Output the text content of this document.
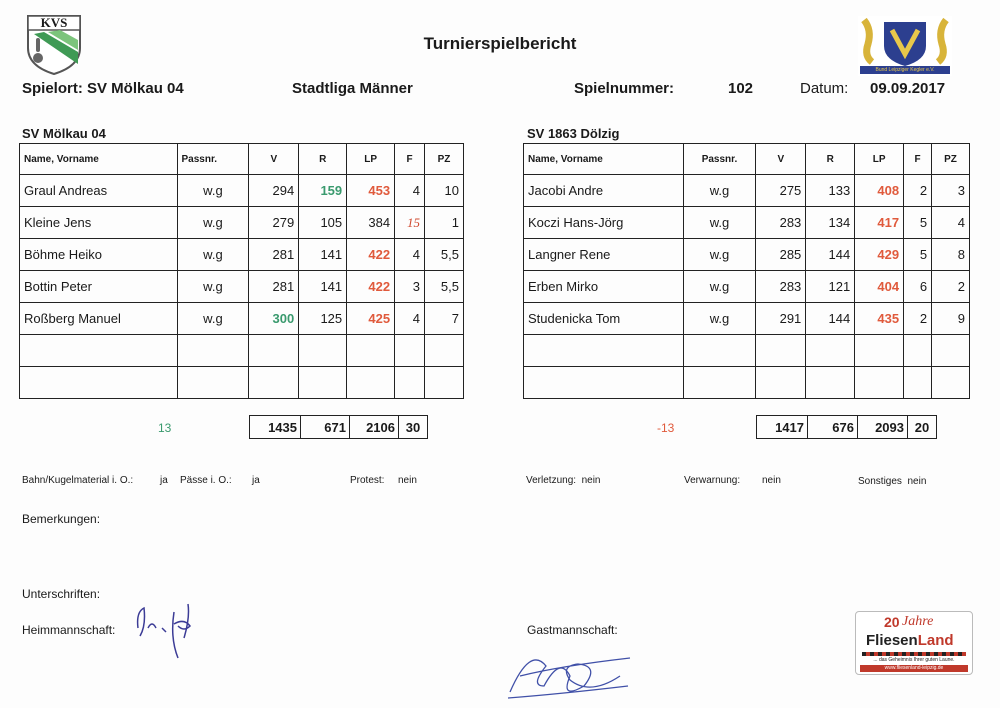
KVS
Bund Leipziger Kegler e.V.
Turnierspielbericht
Spielort: SV Mölkau 04	Stadtliga Männer	Spielnummer:	102	Datum: 09.09.2017
SV Mölkau 04	SV 1863 Dölzig
Name, Vorname	Passnr.	V	R	LP	F	PZ
Graul Andreas	w.g	294	159	453	4	10
Kleine Jens	w.g	279	105	384	15	1
Böhme Heiko	w.g	281	141	422	4	5,5
Bottin Peter	w.g	281	141	422	3	5,5
Roßberg Manuel	w.g	300	125	425	4	7

Name, Vorname	Passnr.	V	R	LP	F	PZ
Jacobi Andre	w.g	275	133	408	2	3
Koczi Hans-Jörg	w.g	283	134	417	5	4
Langner Rene	w.g	285	144	429	5	8
Erben Mirko	w.g	283	121	404	6	2
Studenicka Tom	w.g	291	144	435	2	9

13	1435	671	2106	30	-13	1417	676	2093	20
Bahn/Kugelmaterial i. O.:	ja Pässe i. O.: ja	Protest: nein	Verletzung:  nein	Verwarnung: nein	Sonstiges  nein
Bemerkungen:
Unterschriften:
Heimmannschaft:	Gastmannschaft:	20 Jahre
FliesenLand
... das Geheimnis Ihrer guten Laune.
www.fliesenland-leipzig.de
